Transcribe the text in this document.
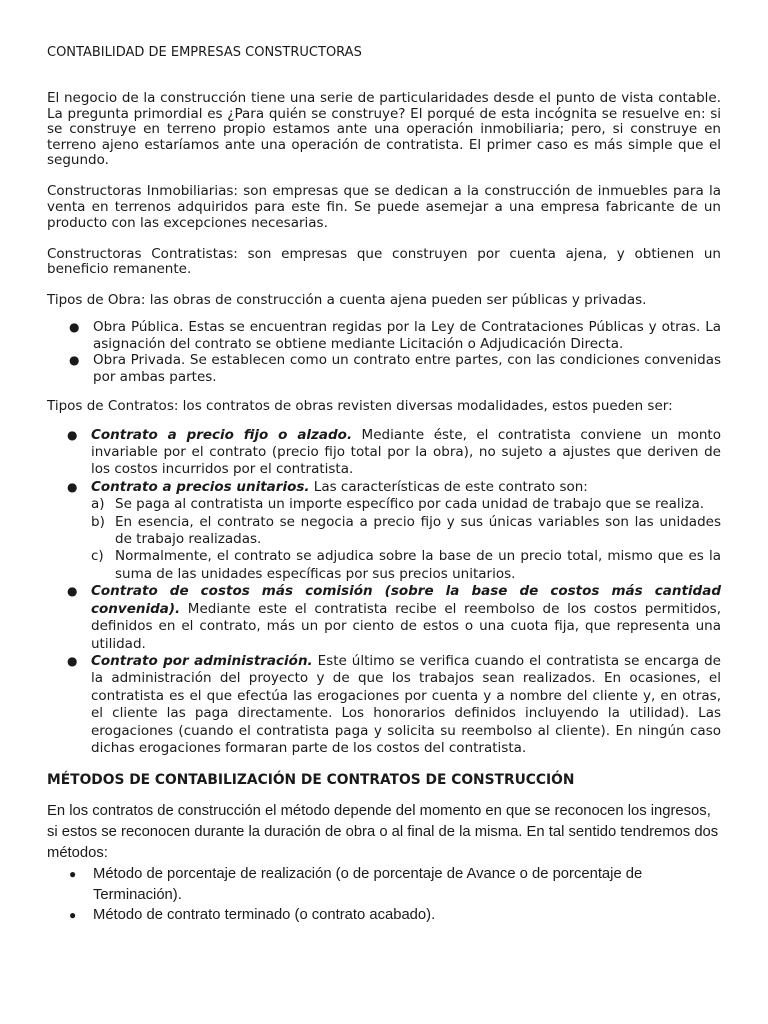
CONTABILIDAD DE EMPRESAS CONSTRUCTORAS

El negocio de la construcción tiene una serie de particularidades desde el punto de vista contable. La pregunta primordial es ¿Para quién se construye? El porqué de esta incógnita se resuelve en: si se construye en terreno propio estamos ante una operación inmobiliaria; pero, si construye en terreno ajeno estaríamos ante una operación de contratista. El primer caso es más simple que el segundo.

Constructoras Inmobiliarias: son empresas que se dedican a la construcción de inmuebles para la venta en terrenos adquiridos para este fin. Se puede asemejar a una empresa fabricante de un producto con las excepciones necesarias.

Constructoras Contratistas: son empresas que construyen por cuenta ajena, y obtienen un beneficio remanente.

Tipos de Obra: las obras de construcción a cuenta ajena pueden ser públicas y privadas.

● Obra Pública. Estas se encuentran regidas por la Ley de Contrataciones Públicas y otras. La asignación del contrato se obtiene mediante Licitación o Adjudicación Directa.
● Obra Privada. Se establecen como un contrato entre partes, con las condiciones convenidas por ambas partes.

Tipos de Contratos: los contratos de obras revisten diversas modalidades, estos pueden ser:

● Contrato a precio fijo o alzado. Mediante éste, el contratista conviene un monto invariable por el contrato (precio fijo total por la obra), no sujeto a ajustes que deriven de los costos incurridos por el contratista.
● Contrato a precios unitarios. Las características de este contrato son:
a) Se paga al contratista un importe específico por cada unidad de trabajo que se realiza.
b) En esencia, el contrato se negocia a precio fijo y sus únicas variables son las unidades de trabajo realizadas.
c) Normalmente, el contrato se adjudica sobre la base de un precio total, mismo que es la suma de las unidades específicas por sus precios unitarios.
● Contrato de costos más comisión (sobre la base de costos más cantidad convenida). Mediante este el contratista recibe el reembolso de los costos permitidos, definidos en el contrato, más un por ciento de estos o una cuota fija, que representa una utilidad.
● Contrato por administración. Este último se verifica cuando el contratista se encarga de la administración del proyecto y de que los trabajos sean realizados. En ocasiones, el contratista es el que efectúa las erogaciones por cuenta y a nombre del cliente y, en otras, el cliente las paga directamente. Los honorarios definidos incluyendo la utilidad). Las erogaciones (cuando el contratista paga y solicita su reembolso al cliente). En ningún caso dichas erogaciones formaran parte de los costos del contratista.
MÉTODOS DE CONTABILIZACIÓN DE CONTRATOS DE CONSTRUCCIÓN

En los contratos de construcción el método depende del momento en que se reconocen los ingresos, si estos se reconocen durante la duración de obra o al final de la misma. En tal sentido tendremos dos métodos:

● Método de porcentaje de realización (o de porcentaje de Avance o de porcentaje de Terminación).
● Método de contrato terminado (o contrato acabado).
